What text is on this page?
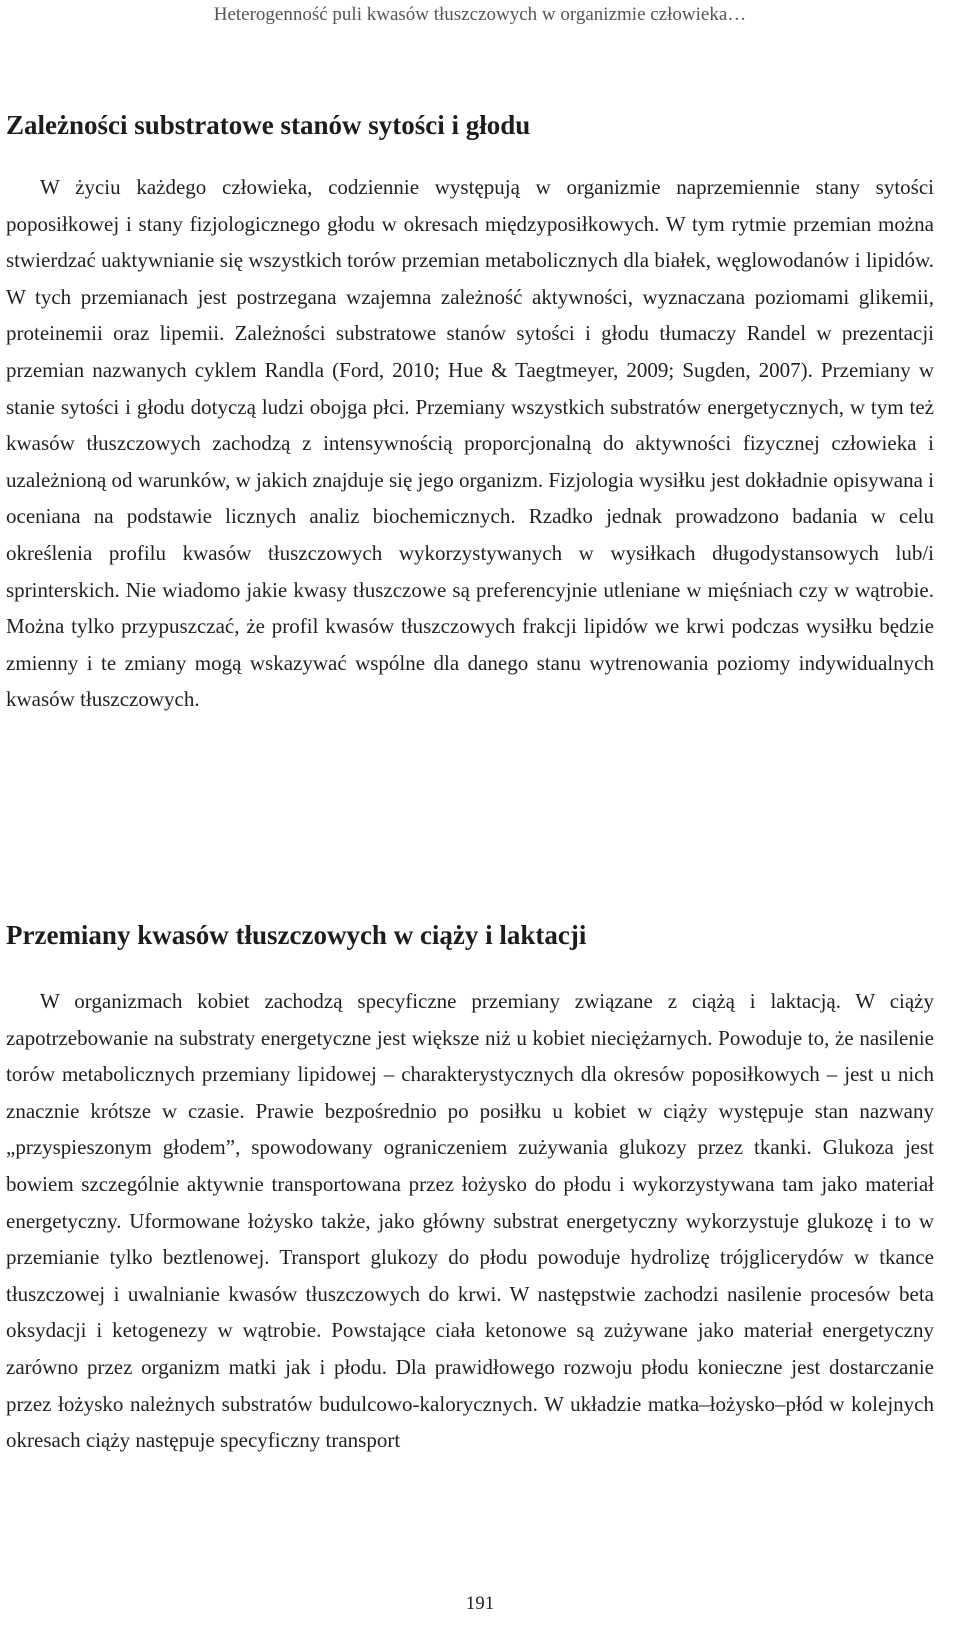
Heterogenność puli kwasów tłuszczowych w organizmie człowieka…
Zależności substratowe stanów sytości i głodu

W życiu każdego człowieka, codziennie występują w organizmie naprzemiennie stany sytości poposiłkowej i stany fizjologicznego głodu w okresach międzyposiłkowych. W tym rytmie przemian można stwierdzać uaktywnianie się wszystkich torów przemian metabolicznych dla białek, węglowodanów i lipidów. W tych przemianach jest postrzegana wzajemna zależność aktywności, wyznaczana poziomami glikemii, proteinemii oraz lipemii. Zależności substratowe stanów sytości i głodu tłumaczy Randel w prezentacji przemian nazwanych cyklem Randla (Ford, 2010; Hue & Taegtmeyer, 2009; Sugden, 2007). Przemiany w stanie sytości i głodu dotyczą ludzi obojga płci. Przemiany wszystkich substratów energetycznych, w tym też kwasów tłuszczowych zachodzą z intensywnością proporcjonalną do aktywności fizycznej człowieka i uzależnioną od warunków, w jakich znajduje się jego organizm. Fizjologia wysiłku jest dokładnie opisywana i oceniana na podstawie licznych analiz biochemicznych. Rzadko jednak prowadzono badania w celu określenia profilu kwasów tłuszczowych wykorzystywanych w wysiłkach długodystansowych lub/i sprinterskich. Nie wiadomo jakie kwasy tłuszczowe są preferencyjnie utleniane w mięśniach czy w wątrobie. Można tylko przypuszczać, że profil kwasów tłuszczowych frakcji lipidów we krwi podczas wysiłku będzie zmienny i te zmiany mogą wskazywać wspólne dla danego stanu wytrenowania poziomy indywidualnych kwasów tłuszczowych.

Przemiany kwasów tłuszczowych w ciąży i laktacji

W organizmach kobiet zachodzą specyficzne przemiany związane z ciążą i laktacją. W ciąży zapotrzebowanie na substraty energetyczne jest większe niż u kobiet nieciężarnych. Powoduje to, że nasilenie torów metabolicznych przemiany lipidowej – charakterystycznych dla okresów poposiłkowych – jest u nich znacznie krótsze w czasie. Prawie bezpośrednio po posiłku u kobiet w ciąży występuje stan nazwany „przyspieszonym głodem”, spowodowany ograniczeniem zużywania glukozy przez tkanki. Glukoza jest bowiem szczególnie aktywnie transportowana przez łożysko do płodu i wykorzystywana tam jako materiał energetyczny. Uformowane łożysko także, jako główny substrat energetyczny wykorzystuje glukozę i to w przemianie tylko beztlenowej. Transport glukozy do płodu powoduje hydrolizę trójglicerydów w tkance tłuszczowej i uwalnianie kwasów tłuszczowych do krwi. W następstwie zachodzi nasilenie procesów beta oksydacji i ketogenezy w wątrobie. Powstające ciała ketonowe są zużywane jako materiał energetyczny zarówno przez organizm matki jak i płodu. Dla prawidłowego rozwoju płodu konieczne jest dostarczanie przez łożysko należnych substratów budulcowo-kalorycznych. W układzie matka–łożysko–płód w kolejnych okresach ciąży następuje specyficzny transport

191
